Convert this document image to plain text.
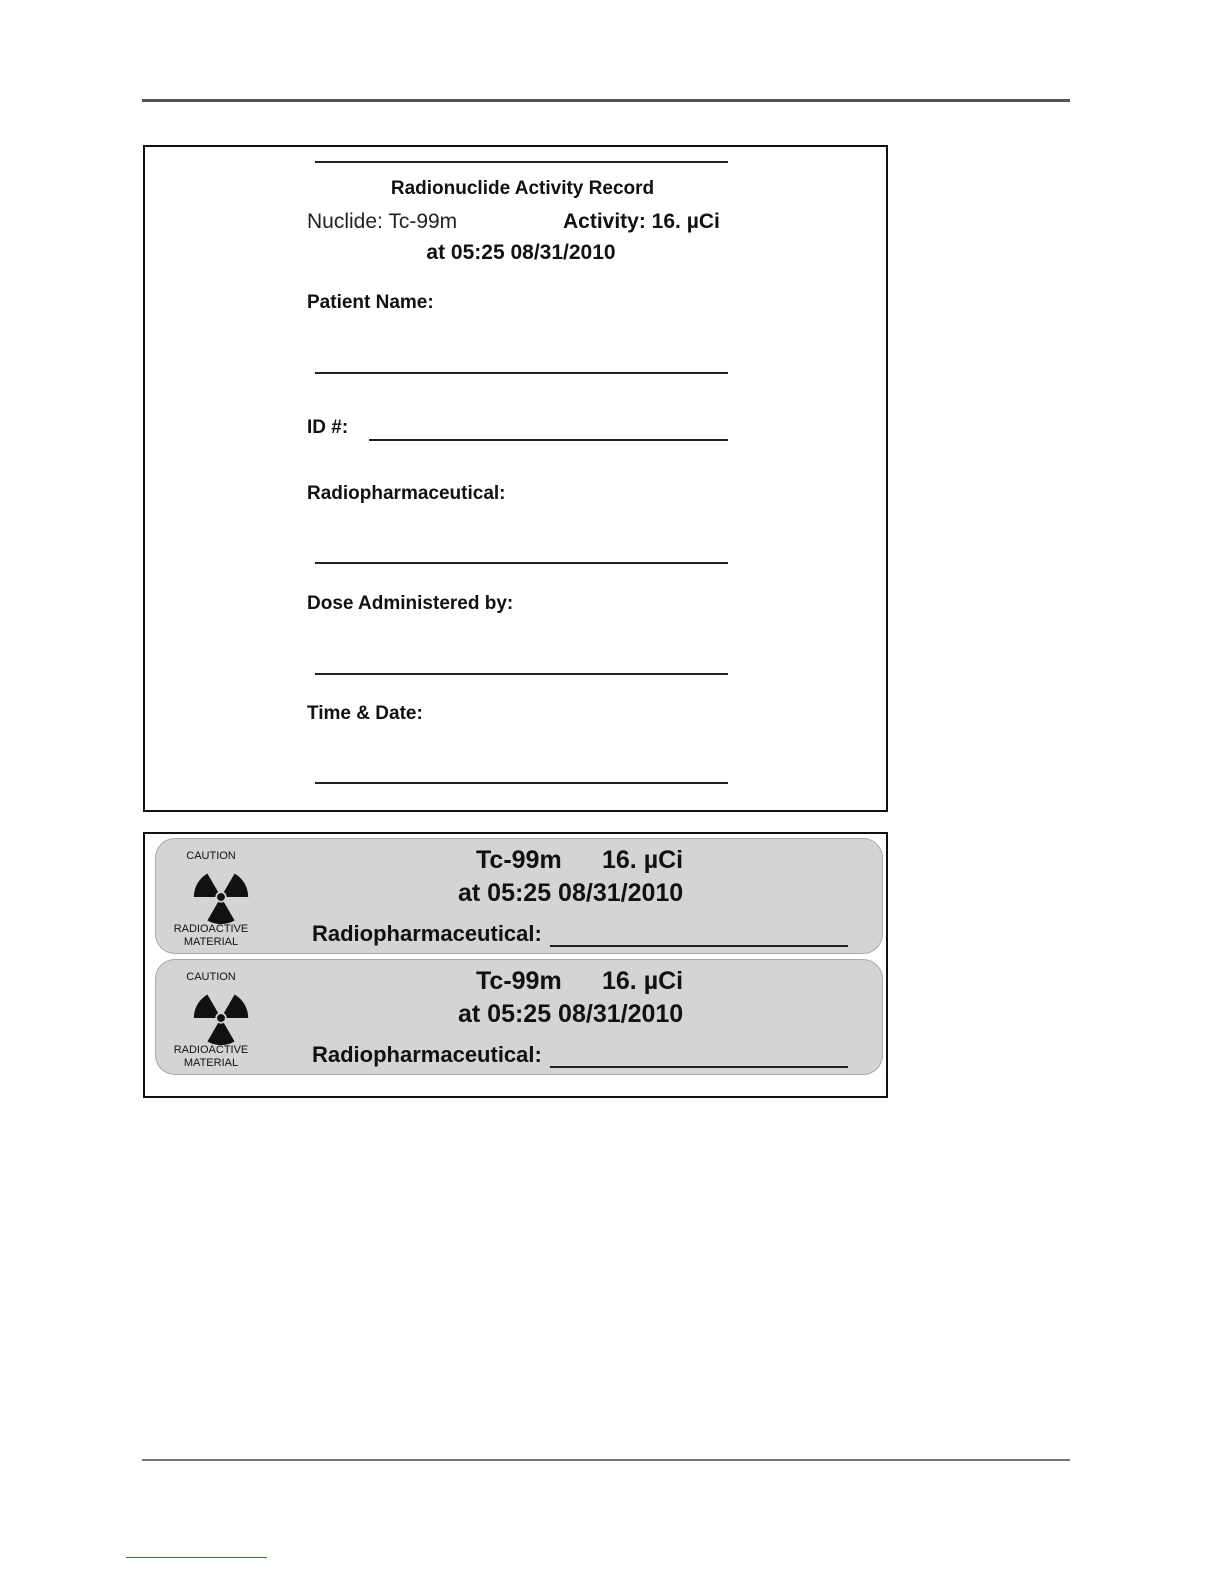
Radionuclide Activity Record
Nuclide: Tc-99m	Activity: 16. µCi
at 05:25 08/31/2010
Patient Name:
ID #:
Radiopharmaceutical:
Dose Administered by:
Time & Date:
CAUTION
RADIOACTIVE
MATERIAL
Tc-99m 16. µCi
at 05:25 08/31/2010
Radiopharmaceutical:
CAUTION
RADIOACTIVE
MATERIAL
Tc-99m 16. µCi
at 05:25 08/31/2010
Radiopharmaceutical:
